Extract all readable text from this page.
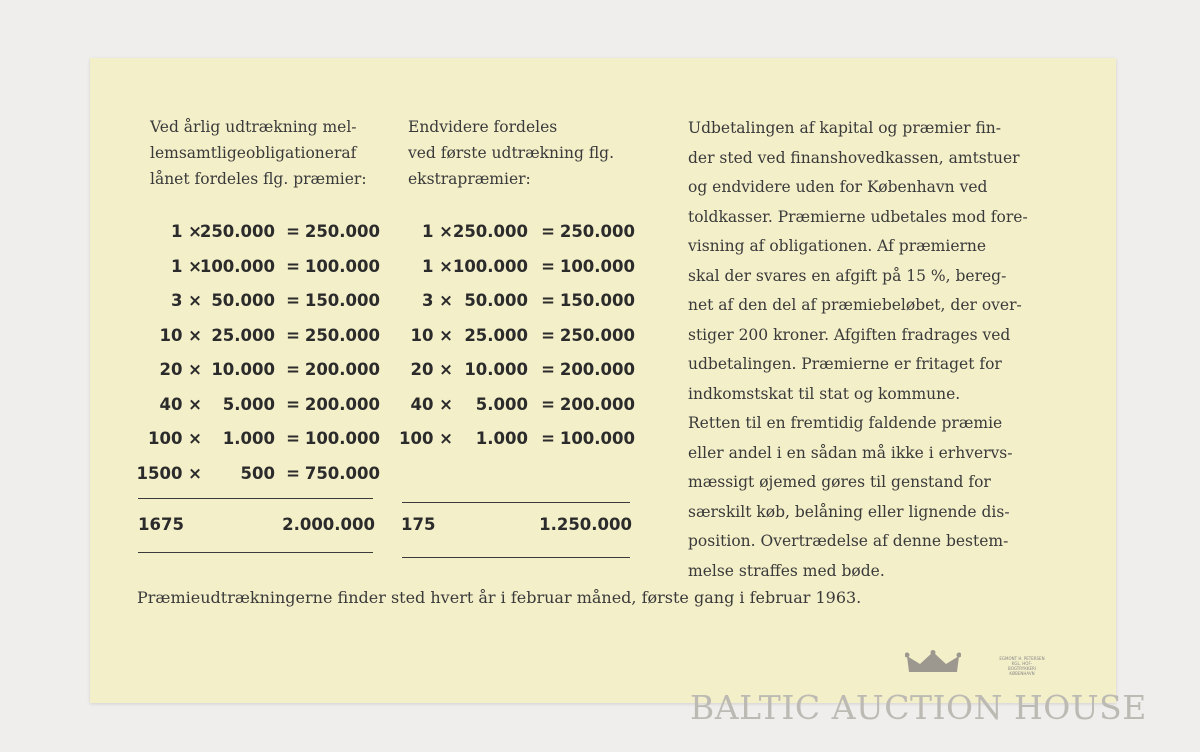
Ved årlig udtrækning mel-
lemsamtligeobligationeraf
lånet fordeles flg. præmier:
Endvidere fordeles
ved første udtrækning flg.
ekstrapræmier:
1 ×
250.000 = 250.000
1 ×
100.000 = 100.000
3 × 50.000 = 150.000
10 × 25.000 = 250.000
20 × 10.000 = 200.000
40 × 5.000 = 200.000
100 × 1.000 = 100.000
1500 × 500 = 750.000
1 × 250.000 = 250.000
1 × 100.000 = 100.000
3 × 50.000 = 150.000
10 × 25.000 = 250.000
20 × 10.000 = 200.000
40 × 5.000 = 200.000
100 × 1.000 = 100.000
1675	2.000.000 175	1.250.000
Udbetalingen af kapital og præmier fin-
der sted ved finanshovedkassen, amtstuer
og endvidere uden for København ved
toldkasser. Præmierne udbetales mod fore-
visning af obligationen. Af præmierne
skal der svares en afgift på 15 %, bereg-
net af den del af præmiebeløbet, der over-
stiger 200 kroner. Afgiften fradrages ved
udbetalingen. Præmierne er fritaget for
indkomstskat til stat og kommune.
Retten til en fremtidig faldende præmie
eller andel i en sådan må ikke i erhvervs-
mæssigt øjemed gøres til genstand for
særskilt køb, belåning eller lignende dis-
position. Overtrædelse af denne bestem-
melse straffes med bøde.
Præmieudtrækningerne finder sted hvert år i februar måned, første gang i februar 1963.
EGMONT H. PETERSEN
KGL. HOF-BOGTRYKKERI
KØBENHAVN
BALTIC AUCTION HOUSE
